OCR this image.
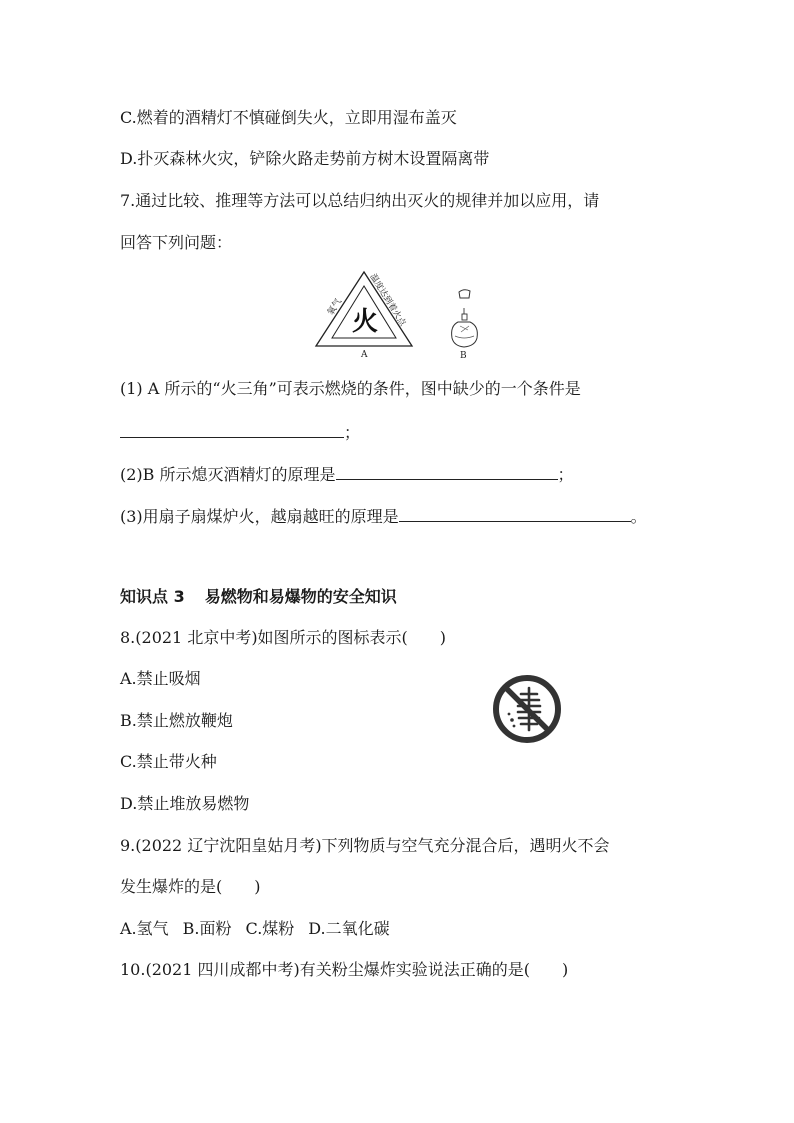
C.燃着的酒精灯不慎碰倒失火，立即用湿布盖灭
D.扑灭森林火灾，铲除火路走势前方树木设置隔离带
7.通过比较、推理等方法可以总结归纳出灭火的规律并加以应用，请
回答下列问题：
氧气	温度达到着火点
火
A	B
(1) A 所示的“火三角”可表示燃烧的条件，图中缺少的一个条件是
；
(2)B 所示熄灭酒精灯的原理是	；
(3)用扇子扇煤炉火，越扇越旺的原理是	。
知识点 3 易燃物和易爆物的安全知识
8.(2021 北京中考)如图所示的图标表示(　　)
A.禁止吸烟
B.禁止燃放鞭炮
C.禁止带火种
D.禁止堆放易燃物
9.(2022 辽宁沈阳皇姑月考)下列物质与空气充分混合后，遇明火不会
发生爆炸的是(　　)
A.氢气 B.面粉 C.煤粉 D.二氧化碳
10.(2021 四川成都中考)有关粉尘爆炸实验说法正确的是(　　)
